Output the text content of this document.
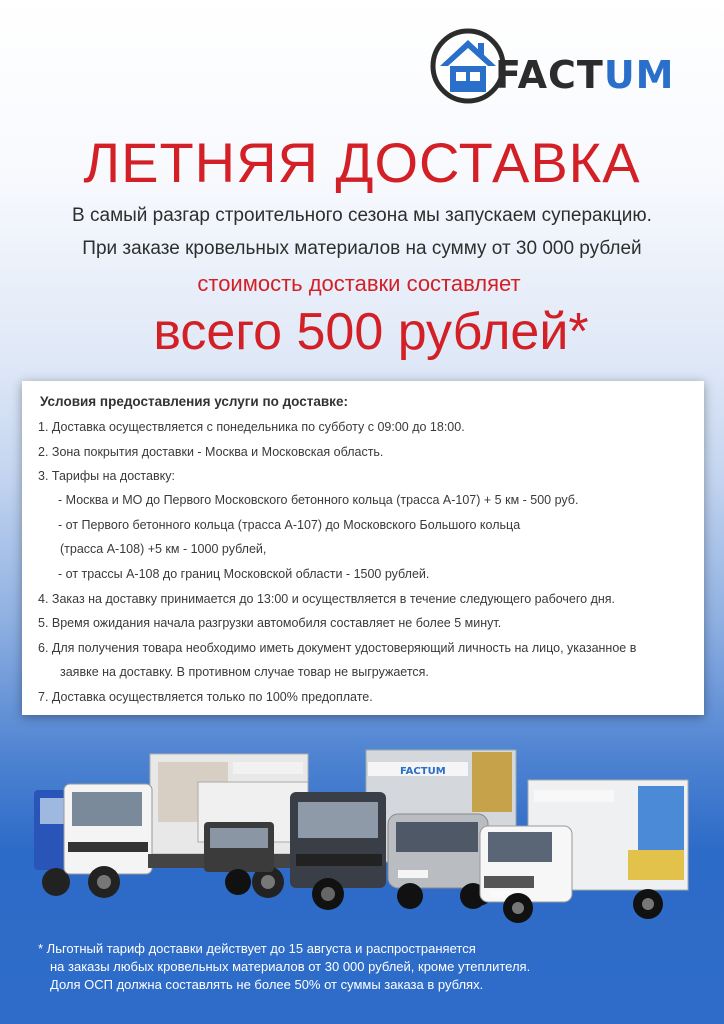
FACTUM
ЛЕТНЯЯ ДОСТАВКА
В самый разгар строительного сезона мы запускаем суперакцию.
При заказе кровельных материалов на сумму от 30 000 рублей
стоимость доставки составляет
всего 500 рублей*
Условия предоставления услуги по доставке:
1. Доставка осуществляется с понедельника по субботу с 09:00 до 18:00.
2. Зона покрытия доставки - Москва и Московская область.
3. Тарифы на доставку:
- Москва и МО до Первого Московского бетонного кольца (трасса А-107) + 5 км - 500 руб.
- от Первого бетонного кольца (трасса А-107) до Московского Большого кольца
(трасса А-108) +5 км - 1000 рублей,
- от трассы А-108 до границ Московской области - 1500 рублей.
4. Заказ на доставку принимается до 13:00 и осуществляется в течение следующего рабочего дня.
5. Время ожидания начала разгрузки автомобиля составляет не более 5 минут.
6. Для получения товара необходимо иметь документ удостоверяющий личность на лицо, указанное в
заявке на доставку. В противном случае товар не выгружается.
7. Доставка осуществляется только по 100% предоплате.
FACTUM
* Льготный тариф доставки действует до 15 августа и распространяется
на заказы любых кровельных материалов от 30 000 рублей, кроме утеплителя.
Доля ОСП должна составлять не более 50% от суммы заказа в рублях.
